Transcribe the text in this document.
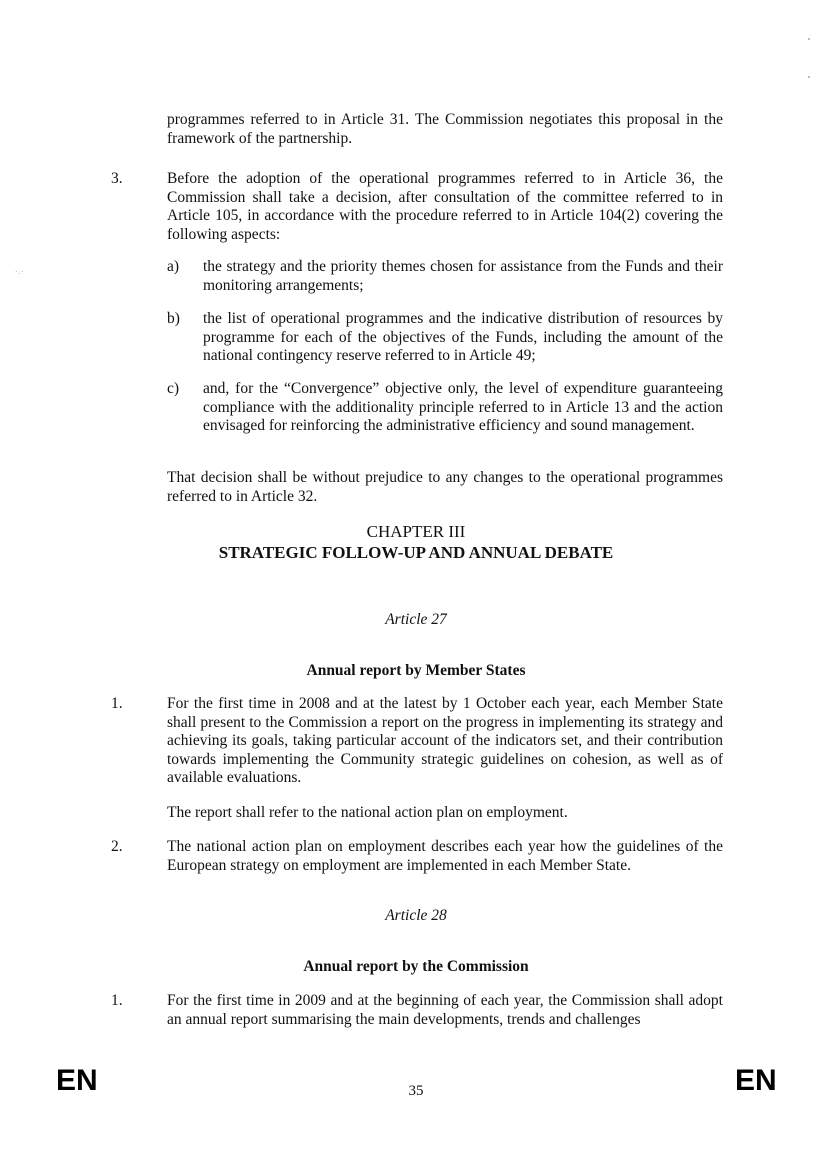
·.·

programmes referred to in Article 31. The Commission negotiates this proposal in the framework of the partnership.

3.	Before the adoption of the operational programmes referred to in Article 36, the Commission shall take a decision, after consultation of the committee referred to in Article 105, in accordance with the procedure referred to in Article 104(2) covering the following aspects:

a) the strategy and the priority themes chosen for assistance from the Funds and their monitoring arrangements;

b) the list of operational programmes and the indicative distribution of resources by programme for each of the objectives of the Funds, including the amount of the national contingency reserve referred to in Article 49;

c) and, for the “Convergence” objective only, the level of expenditure guaranteeing compliance with the additionality principle referred to in Article 13 and the action envisaged for reinforcing the administrative efficiency and sound management.

That decision shall be without prejudice to any changes to the operational programmes referred to in Article 32.

CHAPTER III

STRATEGIC FOLLOW-UP AND ANNUAL DEBATE

Article 27

Annual report by Member States

1.	For the first time in 2008 and at the latest by 1 October each year, each Member State shall present to the Commission a report on the progress in implementing its strategy and achieving its goals, taking particular account of the indicators set, and their contribution towards implementing the Community strategic guidelines on cohesion, as well as of available evaluations.

The report shall refer to the national action plan on employment.

2.	The national action plan on employment describes each year how the guidelines of the European strategy on employment are implemented in each Member State.

Article 28

Annual report by the Commission

1.	For the first time in 2009 and at the beginning of each year, the Commission shall adopt an annual report summarising the main developments, trends and challenges

EN	35	EN
